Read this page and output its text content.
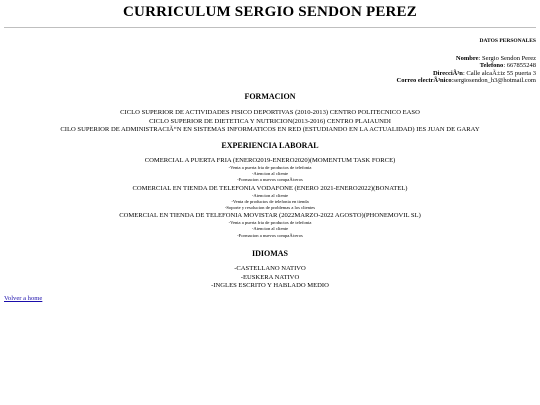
CURRICULUM SERGIO SENDON PEREZ
DATOS PERSONALES
Nombre: Sergio Sendon Perez
Telefono: 667855248
DirecciÃ³n: Calle alcaÃ±iz 55 puerta 3
Correo electrÃ³nico:sergiosendon_h3@hotmail.com
FORMACION
CICLO SUPERIOR DE ACTIVIDADES FISICO DEPORTIVAS (2010-2013) CENTRO POLITECNICO EASO
CICLO SUPERIOR DE DIETETICA Y NUTRICION(2013-2016) CENTRO PLAIAUNDI
CILO SUPERIOR DE ADMINISTRACIÃ“N EN SISTEMAS INFORMATICOS EN RED (ESTUDIANDO EN LA ACTUALIDAD) IES JUAN DE GARAY
EXPERIENCIA LABORAL
COMERCIAL A PUERTA FRIA (ENERO2019-ENERO2020)(MOMENTUM TASK FORCE)
-Venta a puerta fria de productos de telefonia
-Atencion al cliente
-Formacion a nuevos compaÃ±eros
COMERCIAL EN TIENDA DE TELEFONIA VODAFONE (ENERO 2021-ENERO2022)(BONATEL)
-Atencion al cliente
-Venta de productos de telefonia en tienda
-Soporte y resolucion de problemas a los clientes
COMERCIAL EN TIENDA DE TELEFONIA MOVISTAR (2022MARZO-2022 AGOSTO)(PHONEMOVIL SL)
-Venta a puerta fria de productos de telefonia
-Atencion al cliente
-Formacion a nuevos compaÃ±eros
IDIOMAS
-CASTELLANO NATIVO
-EUSKERA NATIVO
-INGLES ESCRITO Y HABLADO MEDIO
Volver a home
